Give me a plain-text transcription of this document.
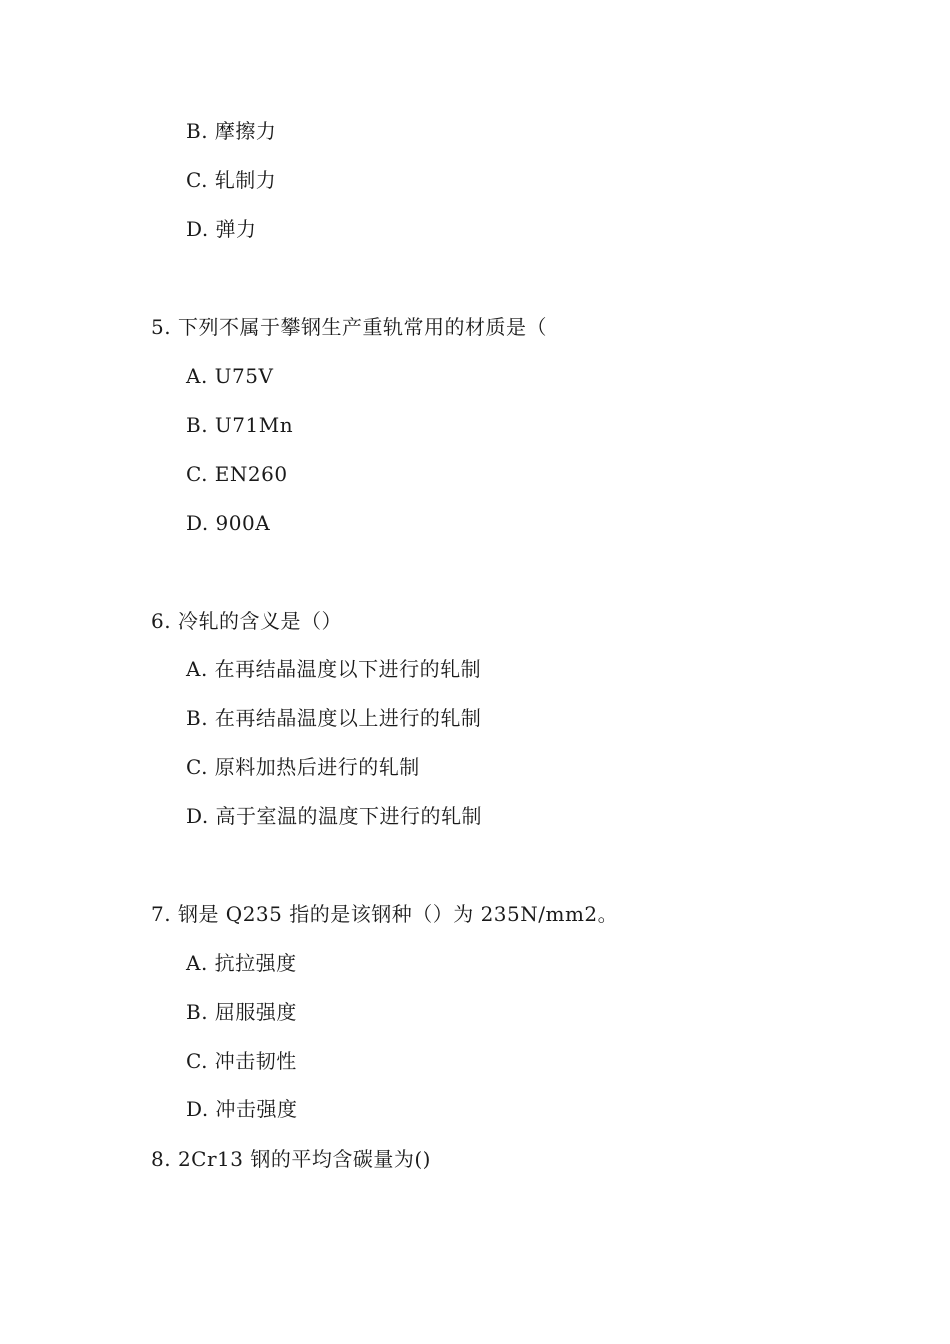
B. 摩擦力
C. 轧制力
D. 弹力
5. 下列不属于攀钢生产重轨常用的材质是（
A. U75V
B. U71Mn
C. EN260
D. 900A
6. 冷轧的含义是（）
A. 在再结晶温度以下进行的轧制
B. 在再结晶温度以上进行的轧制
C. 原料加热后进行的轧制
D. 高于室温的温度下进行的轧制
7. 钢是 Q235 指的是该钢种（）为 235N/mm2。
A. 抗拉强度
B. 屈服强度
C. 冲击韧性
D. 冲击强度
8. 2Cr13 钢的平均含碳量为()
